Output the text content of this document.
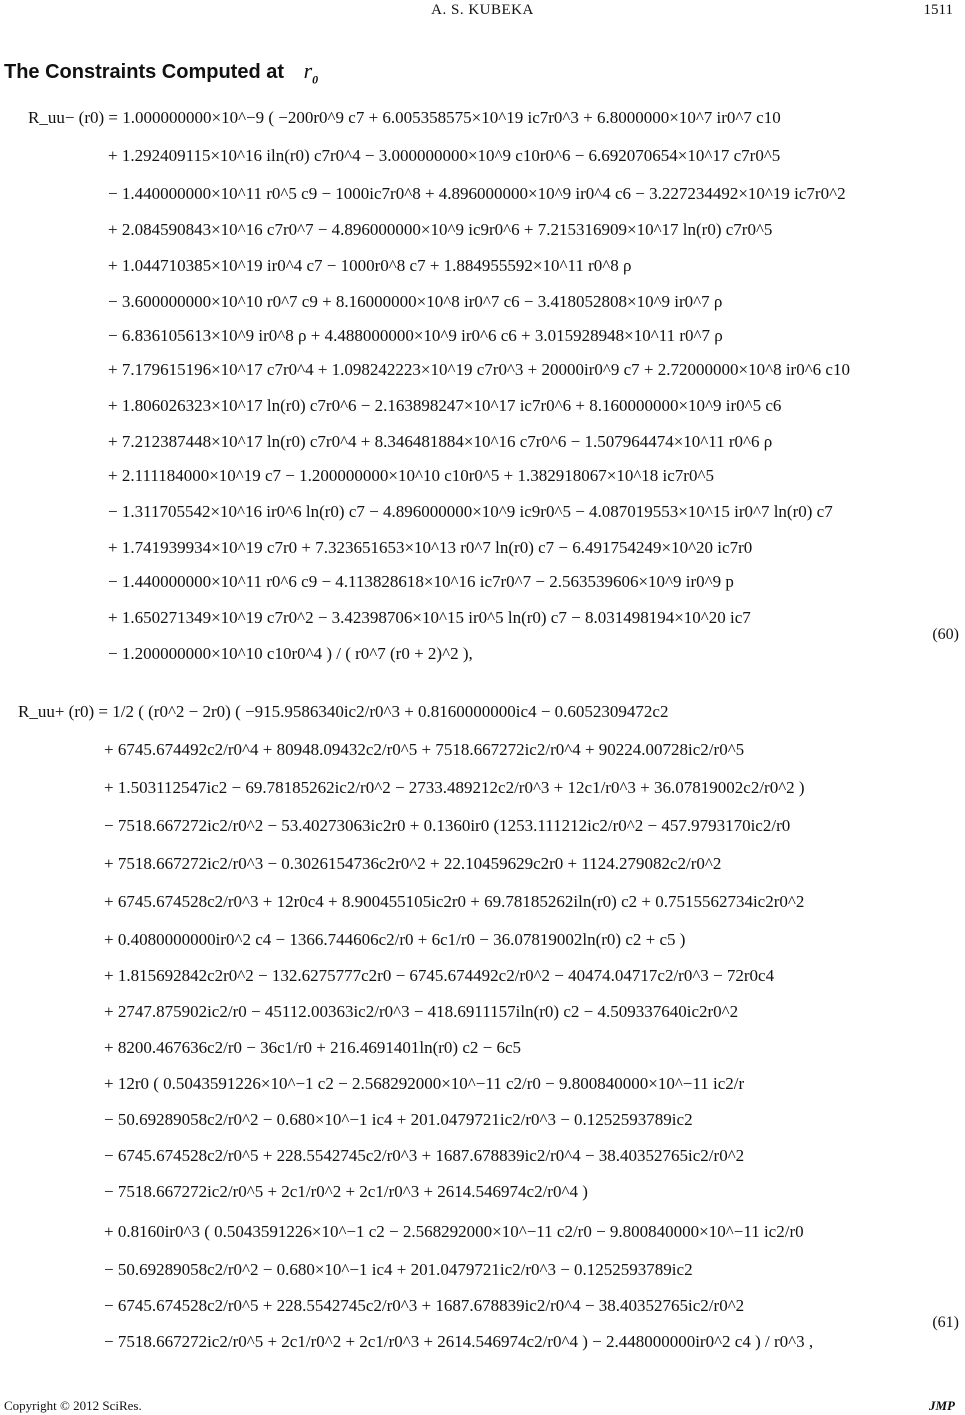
A. S. KUBEKA	1511
The Constraints Computed at $r_0$
R_uu− (r0) = 1.000000000×10^−9 ( −200r0^9 c7 + 6.005358575×10^19 ic7r0^3 + 6.8000000×10^7 ir0^7 c10
+ 1.292409115×10^16 iln(r0) c7r0^4 − 3.000000000×10^9 c10r0^6 − 6.692070654×10^17 c7r0^5
− 1.440000000×10^11 r0^5 c9 − 1000ic7r0^8 + 4.896000000×10^9 ir0^4 c6 − 3.227234492×10^19 ic7r0^2
+ 2.084590843×10^16 c7r0^7 − 4.896000000×10^9 ic9r0^6 + 7.215316909×10^17 ln(r0) c7r0^5
+ 1.044710385×10^19 ir0^4 c7 − 1000r0^8 c7 + 1.884955592×10^11 r0^8 ρ
− 3.600000000×10^10 r0^7 c9 + 8.16000000×10^8 ir0^7 c6 − 3.418052808×10^9 ir0^7 ρ
− 6.836105613×10^9 ir0^8 ρ + 4.488000000×10^9 ir0^6 c6 + 3.015928948×10^11 r0^7 ρ
+ 7.179615196×10^17 c7r0^4 + 1.098242223×10^19 c7r0^3 + 20000ir0^9 c7 + 2.72000000×10^8 ir0^6 c10
+ 1.806026323×10^17 ln(r0) c7r0^6 − 2.163898247×10^17 ic7r0^6 + 8.160000000×10^9 ir0^5 c6
+ 7.212387448×10^17 ln(r0) c7r0^4 + 8.346481884×10^16 c7r0^6 − 1.507964474×10^11 r0^6 ρ
+ 2.111184000×10^19 c7 − 1.200000000×10^10 c10r0^5 + 1.382918067×10^18 ic7r0^5
− 1.311705542×10^16 ir0^6 ln(r0) c7 − 4.896000000×10^9 ic9r0^5 − 4.087019553×10^15 ir0^7 ln(r0) c7
+ 1.741939934×10^19 c7r0 + 7.323651653×10^13 r0^7 ln(r0) c7 − 6.491754249×10^20 ic7r0
− 1.440000000×10^11 r0^6 c9 − 4.113828618×10^16 ic7r0^7 − 2.563539606×10^9 ir0^9 p
+ 1.650271349×10^19 c7r0^2 − 3.42398706×10^15 ir0^5 ln(r0) c7 − 8.031498194×10^20 ic7
− 1.200000000×10^10 c10r0^4 ) / ( r0^7 (r0 + 2)^2 ),
(60)
R_uu+ (r0) = 1/2 ( (r0^2 − 2r0) ( −915.9586340ic2/r0^3 + 0.8160000000ic4 − 0.6052309472c2
+ 6745.674492c2/r0^4 + 80948.09432c2/r0^5 + 7518.667272ic2/r0^4 + 90224.00728ic2/r0^5
+ 1.503112547ic2 − 69.78185262ic2/r0^2 − 2733.489212c2/r0^3 + 12c1/r0^3 + 36.07819002c2/r0^2 )
− 7518.667272ic2/r0^2 − 53.40273063ic2r0 + 0.1360ir0 (1253.111212ic2/r0^2 − 457.9793170ic2/r0
+ 7518.667272ic2/r0^3 − 0.3026154736c2r0^2 + 22.10459629c2r0 + 1124.279082c2/r0^2
+ 6745.674528c2/r0^3 + 12r0c4 + 8.900455105ic2r0 + 69.78185262iln(r0) c2 + 0.7515562734ic2r0^2
+ 0.4080000000ir0^2 c4 − 1366.744606c2/r0 + 6c1/r0 − 36.07819002ln(r0) c2 + c5 )
+ 1.815692842c2r0^2 − 132.6275777c2r0 − 6745.674492c2/r0^2 − 40474.04717c2/r0^3 − 72r0c4
+ 2747.875902ic2/r0 − 45112.00363ic2/r0^3 − 418.6911157iln(r0) c2 − 4.509337640ic2r0^2
+ 8200.467636c2/r0 − 36c1/r0 + 216.4691401ln(r0) c2 − 6c5
+ 12r0 ( 0.5043591226×10^−1 c2 − 2.568292000×10^−11 c2/r0 − 9.800840000×10^−11 ic2/r
− 50.69289058c2/r0^2 − 0.680×10^−1 ic4 + 201.0479721ic2/r0^3 − 0.1252593789ic2
− 6745.674528c2/r0^5 + 228.5542745c2/r0^3 + 1687.678839ic2/r0^4 − 38.40352765ic2/r0^2
− 7518.667272ic2/r0^5 + 2c1/r0^2 + 2c1/r0^3 + 2614.546974c2/r0^4 )
+ 0.8160ir0^3 ( 0.5043591226×10^−1 c2 − 2.568292000×10^−11 c2/r0 − 9.800840000×10^−11 ic2/r0
− 50.69289058c2/r0^2 − 0.680×10^−1 ic4 + 201.0479721ic2/r0^3 − 0.1252593789ic2
− 6745.674528c2/r0^5 + 228.5542745c2/r0^3 + 1687.678839ic2/r0^4 − 38.40352765ic2/r0^2
− 7518.667272ic2/r0^5 + 2c1/r0^2 + 2c1/r0^3 + 2614.546974c2/r0^4 ) − 2.448000000ir0^2 c4 ) / r0^3 ,
(61)
Copyright © 2012 SciRes.	JMP
